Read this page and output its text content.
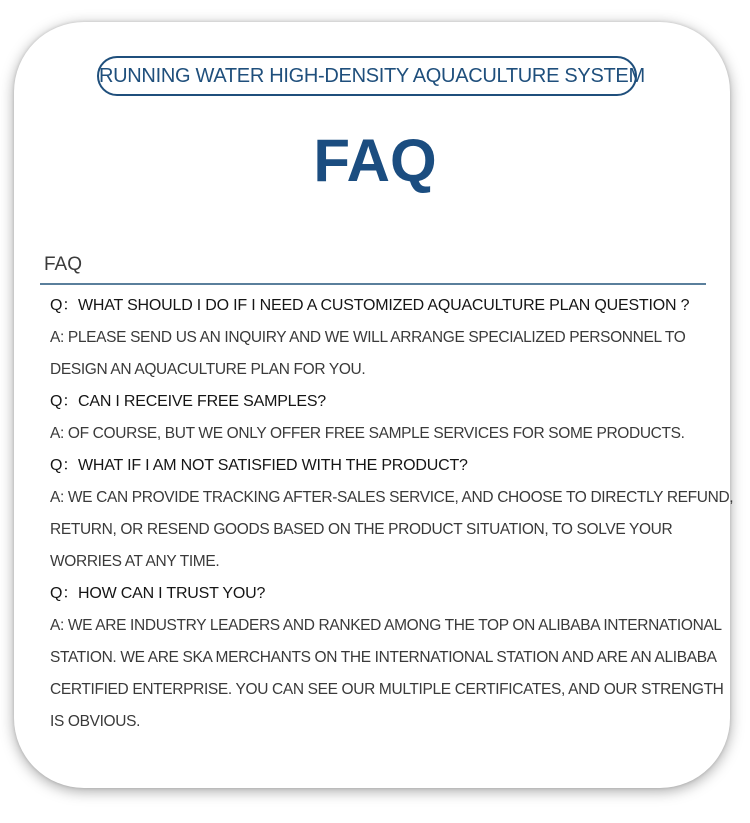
RUNNING WATER HIGH-DENSITY AQUACULTURE SYSTEM
FAQ
FAQ
Q：WHAT SHOULD I DO IF I NEED A CUSTOMIZED AQUACULTURE PLAN QUESTION ?
A: PLEASE SEND US AN INQUIRY AND WE WILL ARRANGE SPECIALIZED PERSONNEL TO
DESIGN AN AQUACULTURE PLAN FOR YOU.
Q：CAN I RECEIVE FREE SAMPLES?
A: OF COURSE, BUT WE ONLY OFFER FREE SAMPLE SERVICES FOR SOME PRODUCTS.
Q：WHAT IF I AM NOT SATISFIED WITH THE PRODUCT?
A: WE CAN PROVIDE TRACKING AFTER-SALES SERVICE, AND CHOOSE TO DIRECTLY REFUND,
RETURN, OR RESEND GOODS BASED ON THE PRODUCT SITUATION, TO SOLVE YOUR
WORRIES AT ANY TIME.
Q：HOW CAN I TRUST YOU?
A: WE ARE INDUSTRY LEADERS AND RANKED AMONG THE TOP ON ALIBABA INTERNATIONAL
STATION. WE ARE SKA MERCHANTS ON THE INTERNATIONAL STATION AND ARE AN ALIBABA
CERTIFIED ENTERPRISE. YOU CAN SEE OUR MULTIPLE CERTIFICATES, AND OUR STRENGTH
IS OBVIOUS.
